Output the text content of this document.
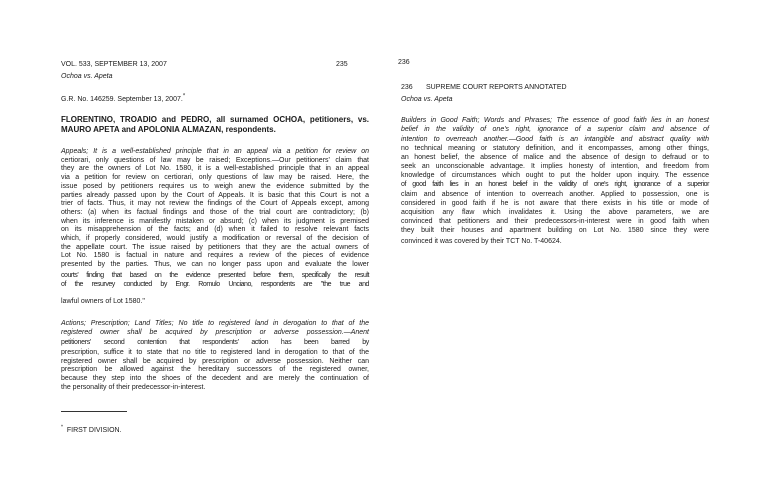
VOL. 533, SEPTEMBER 13, 2007	235
Ochoa vs. Apeta
G.R. No. 146259. September 13, 2007.*
FLORENTINO, TROADIO and PEDRO, all surnamed OCHOA, petitioners, vs.
MAURO APETA and APOLONIA ALMAZAN, respondents.
Appeals; It is a well-established principle that in an appeal via a petition for review on
certiorari, only questions of law may be raised; Exceptions.—Our petitioners' claim that
they are the owners of Lot No. 1580, it is a well-established principle that in an appeal
via a petition for review on certiorari, only questions of law may be raised. Here, the
issue posed by petitioners requires us to weigh anew the evidence submitted by the
parties already passed upon by the Court of Appeals. It is basic that this Court is not a
trier of facts. Thus, it may not review the findings of the Court of Appeals except, among
others: (a) when its factual findings and those of the trial court are contradictory; (b)
when its inference is manifestly mistaken or absurd; (c) when its judgment is premised
on its misapprehension of the facts; and (d) when it failed to resolve relevant facts
which, if properly considered, would justify a modification or reversal of the decision of
the appellate court. The issue raised by petitioners that they are the actual owners of
Lot No. 1580 is factual in nature and requires a review of the pieces of evidence
presented by the parties. Thus, we can no longer pass upon and evaluate the lower
courts' finding that based on the evidence presented before them, specifically the result
of the resurvey conducted by Engr. Romulo Unciano, respondents are "the true and
lawful owners of Lot 1580."
Actions; Prescription; Land Titles; No title to registered land in derogation to that of the
registered owner shall be acquired by prescription or adverse possession.—Anent
petitioners' second contention that respondents' action has been barred by
prescription, suffice it to state that no title to registered land in derogation to that of the
registered owner shall be acquired by prescription or adverse possession. Neither can
prescription be allowed against the hereditary successors of the registered owner,
because they step into the shoes of the decedent and are merely the continuation of
the personality of their predecessor-in-interest.
* FIRST DIVISION.
236
236 SUPREME COURT REPORTS ANNOTATED
Ochoa vs. Apeta
Builders in Good Faith; Words and Phrases; The essence of good faith lies in an honest
belief in the validity of one's right, ignorance of a superior claim and absence of
intention to overreach another.—Good faith is an intangible and abstract quality with
no technical meaning or statutory definition, and it encompasses, among other things,
an honest belief, the absence of malice and the absence of design to defraud or to
seek an unconscionable advantage. It implies honesty of intention, and freedom from
knowledge of circumstances which ought to put the holder upon inquiry. The essence
of good faith lies in an honest belief in the validity of one's right, ignorance of a superior
claim and absence of intention to overreach another. Applied to possession, one is
considered in good faith if he is not aware that there exists in his title or mode of
acquisition any flaw which invalidates it. Using the above parameters, we are
convinced that petitioners and their predecessors-in-interest were in good faith when
they built their houses and apartment building on Lot No. 1580 since they were
convinced it was covered by their TCT No. T-40624.
